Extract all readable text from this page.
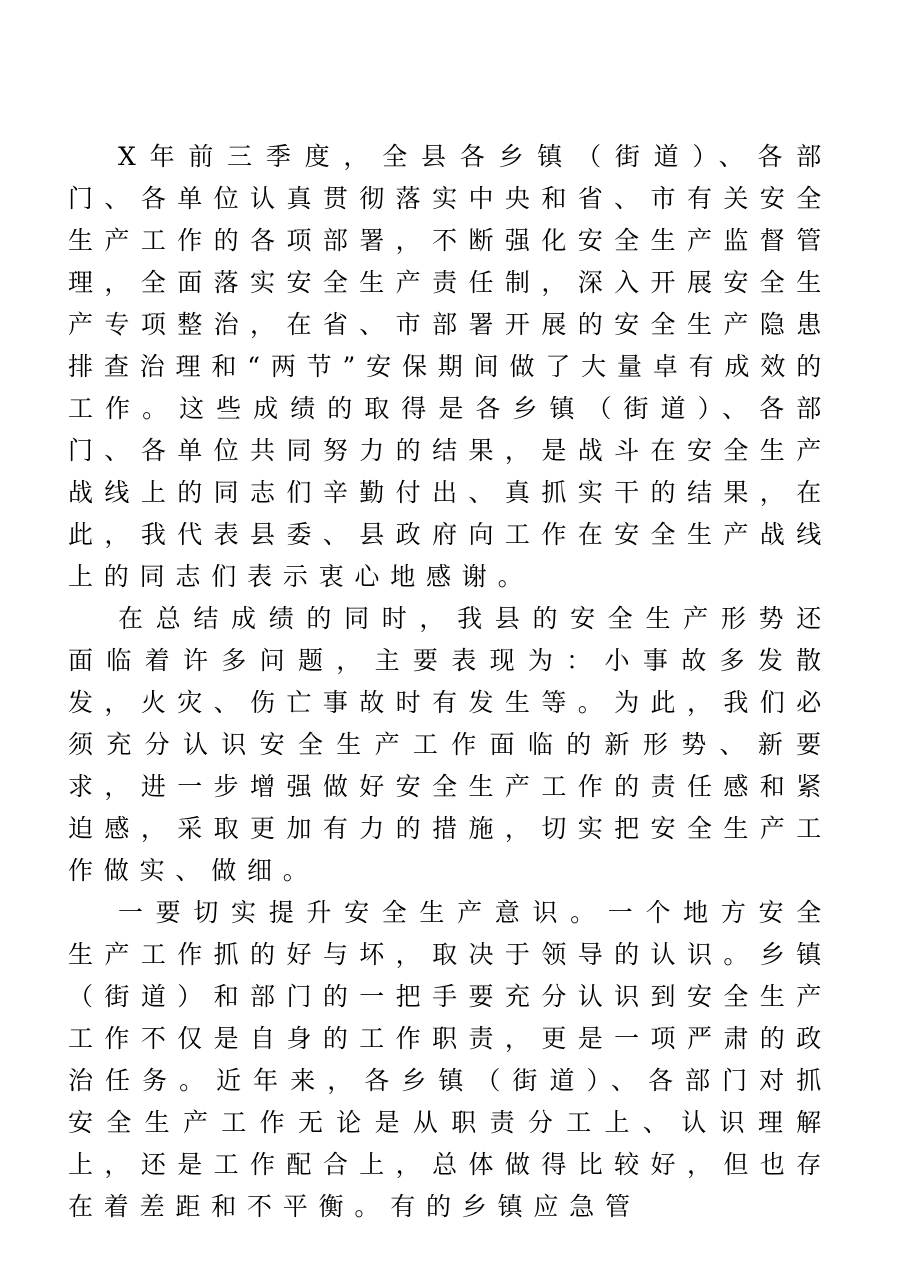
X年前三季度，全县各乡镇（街道）、各部门、各单位认真贯彻落实中央和省、市有关安全生产工作的各项部署，不断强化安全生产监督管理，全面落实安全生产责任制，深入开展安全生产专项整治，在省、市部署开展的安全生产隐患排查治理和“两节”安保期间做了大量卓有成效的工作。这些成绩的取得是各乡镇（街道）、各部门、各单位共同努力的结果，是战斗在安全生产战线上的同志们辛勤付出、真抓实干的结果，在此，我代表县委、县政府向工作在安全生产战线上的同志们表示衷心地感谢。

在总结成绩的同时，我县的安全生产形势还面临着许多问题，主要表现为：小事故多发散发，火灾、伤亡事故时有发生等。为此，我们必须充分认识安全生产工作面临的新形势、新要求，进一步增强做好安全生产工作的责任感和紧迫感，采取更加有力的措施，切实把安全生产工作做实、做细。

一要切实提升安全生产意识。一个地方安全生产工作抓的好与坏，取决于领导的认识。乡镇（街道）和部门的一把手要充分认识到安全生产工作不仅是自身的工作职责，更是一项严肃的政治任务。近年来，各乡镇（街道）、各部门对抓安全生产工作无论是从职责分工上、认识理解上，还是工作配合上，总体做得比较好，但也存在着差距和不平衡。有的乡镇应急管
